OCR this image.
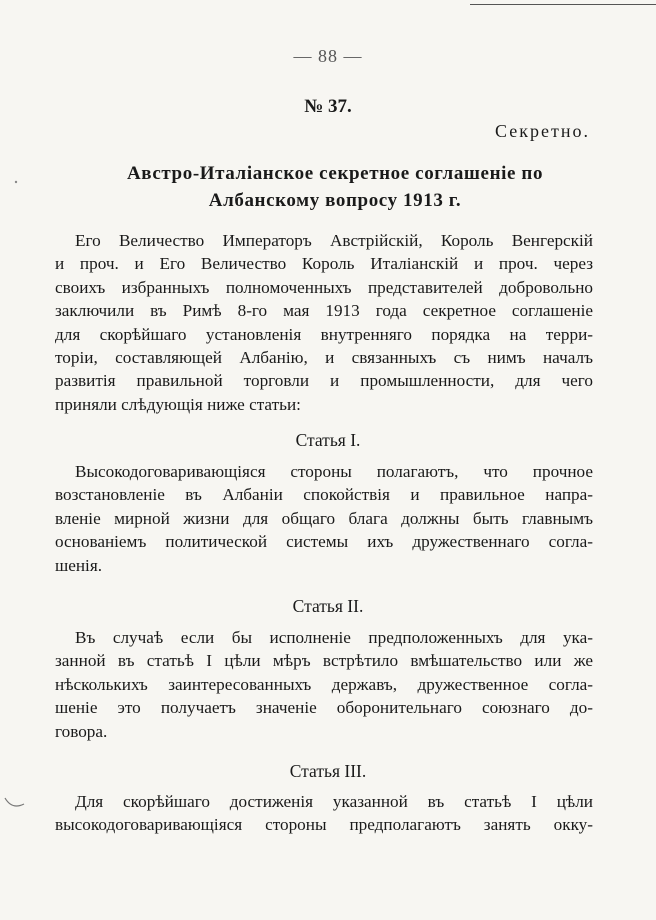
— 88 —
№ 37.
Секретно.
Австро-Италіанское секретное соглашеніе по
Албанскому вопросу 1913 г.
Его Величество Императоръ Австрійскій, Король Венгерскій
и проч. и Его Величество Король Италіанскій и проч. через
своихъ избранныхъ полномоченныхъ представителей добровольно
заключили въ Римѣ 8-го мая 1913 года секретное соглашеніе
для скорѣйшаго установленія внутренняго порядка на терри-
торіи, составляющей Албанію, и связанныхъ съ нимъ началъ
развитія правильной торговли и промышленности, для чего
приняли слѣдующія ниже статьи:
Статья I.
Высокодоговаривающіяся стороны полагаютъ, что прочное
возстановленіе въ Албаніи спокойствія и правильное напра-
вленіе мирной жизни для общаго блага должны быть главнымъ
основаніемъ политической системы ихъ дружественнаго согла-
шенія.
Статья II.
Въ случаѣ если бы исполненіе предположенныхъ для ука-
занной въ статьѣ I цѣли мѣръ встрѣтило вмѣшательство или же
нѣсколькихъ заинтересованныхъ державъ, дружественное согла-
шеніе это получаетъ значеніе оборонительнаго союзнаго до-
говора.
Статья III.
Для скорѣйшаго достиженія указанной въ статьѣ I цѣли
высокодоговаривающіяся стороны предполагаютъ занять окку-
